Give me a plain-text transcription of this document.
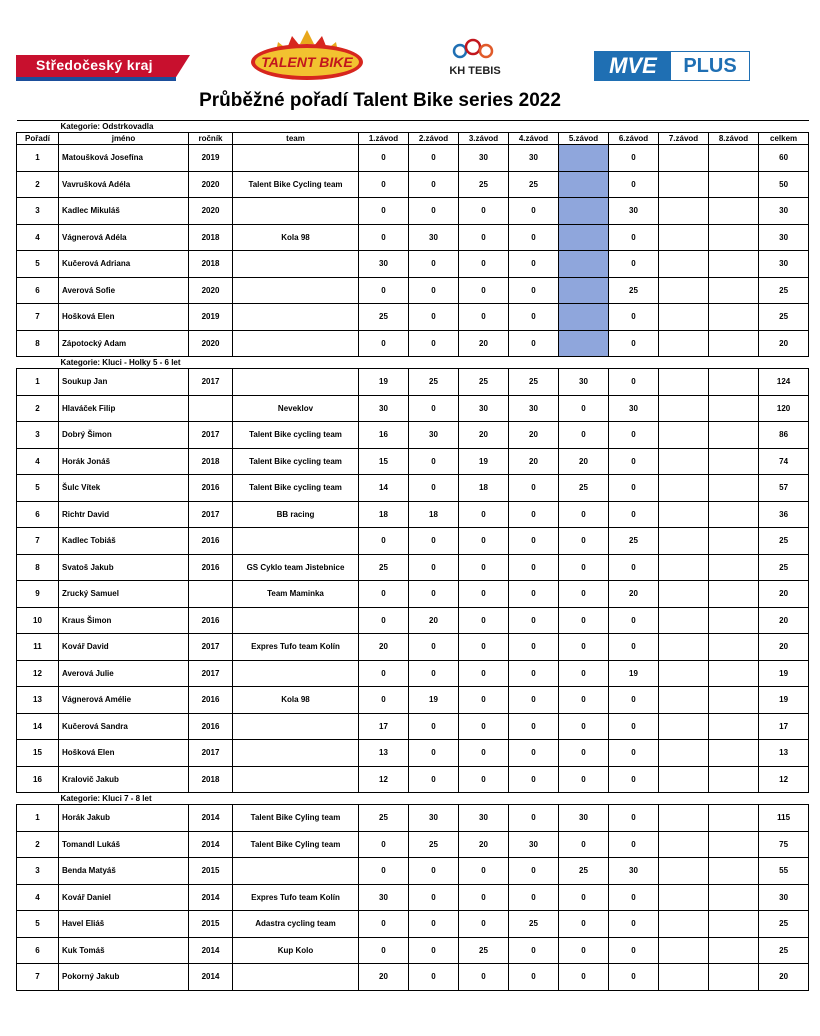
Středočeský kraj	TALENT BIKE
KH TEBIS	MVE	PLUS
Průběžné pořadí Talent Bike series 2022
Kategorie: Odstrkovadla												
Pořadí	jméno	ročník	team	1.závod	2.závod	3.závod	4.závod	5.závod	6.závod	7.závod	8.závod	celkem
1	Matoušková Josefína	2019		0	0	30	30		0			60
2	Vavrušková Adéla	2020	Talent Bike Cycling team	0	0	25	25		0			50
3	Kadlec Mikuláš	2020		0	0	0	0		30			30
4	Vágnerová Adéla	2018	Kola 98	0	30	0	0		0			30
5	Kučerová Adriana	2018		30	0	0	0		0			30
6	Averová Sofie	2020		0	0	0	0		25			25
7	Hošková Elen	2019		25	0	0	0		0			25
8	Zápotocký Adam	2020		0	0	20	0		0			20
Kategorie: Kluci - Holky 5 - 6 let												
1	Soukup Jan	2017		19	25	25	25	30	0			124
2	Hlaváček Filip		Neveklov	30	0	30	30	0	30			120
3	Dobrý Šimon	2017	Talent Bike cycling team	16	30	20	20	0	0			86
4	Horák Jonáš	2018	Talent Bike cycling team	15	0	19	20	20	0			74
5	Šulc Vítek	2016	Talent Bike cycling team	14	0	18	0	25	0			57
6	Richtr David	2017	BB racing	18	18	0	0	0	0			36
7	Kadlec Tobiáš	2016		0	0	0	0	0	25			25
8	Svatoš Jakub	2016	GS Cyklo team Jistebnice	25	0	0	0	0	0			25
9	Zrucký Samuel		Team Maminka	0	0	0	0	0	20			20
10	Kraus Šimon	2016		0	20	0	0	0	0			20
11	Kovář David	2017	Expres Tufo team Kolín	20	0	0	0	0	0			20
12	Averová Julie	2017		0	0	0	0	0	19			19
13	Vágnerová Amélie	2016	Kola 98	0	19	0	0	0	0			19
14	Kučerová Sandra	2016		17	0	0	0	0	0			17
15	Hošková Elen	2017		13	0	0	0	0	0			13
16	Kralovič Jakub	2018		12	0	0	0	0	0			12
Kategorie: Kluci 7 - 8 let												
1	Horák Jakub	2014	Talent Bike Cyling team	25	30	30	0	30	0			115
2	Tomandl Lukáš	2014	Talent Bike Cyling team	0	25	20	30	0	0			75
3	Benda Matyáš	2015		0	0	0	0	25	30			55
4	Kovář Daniel	2014	Expres Tufo team Kolín	30	0	0	0	0	0			30
5	Havel Eliáš	2015	Adastra cycling team	0	0	0	25	0	0			25
6	Kuk Tomáš	2014	Kup Kolo	0	0	25	0	0	0			25
7	Pokorný Jakub	2014		20	0	0	0	0	0			20
